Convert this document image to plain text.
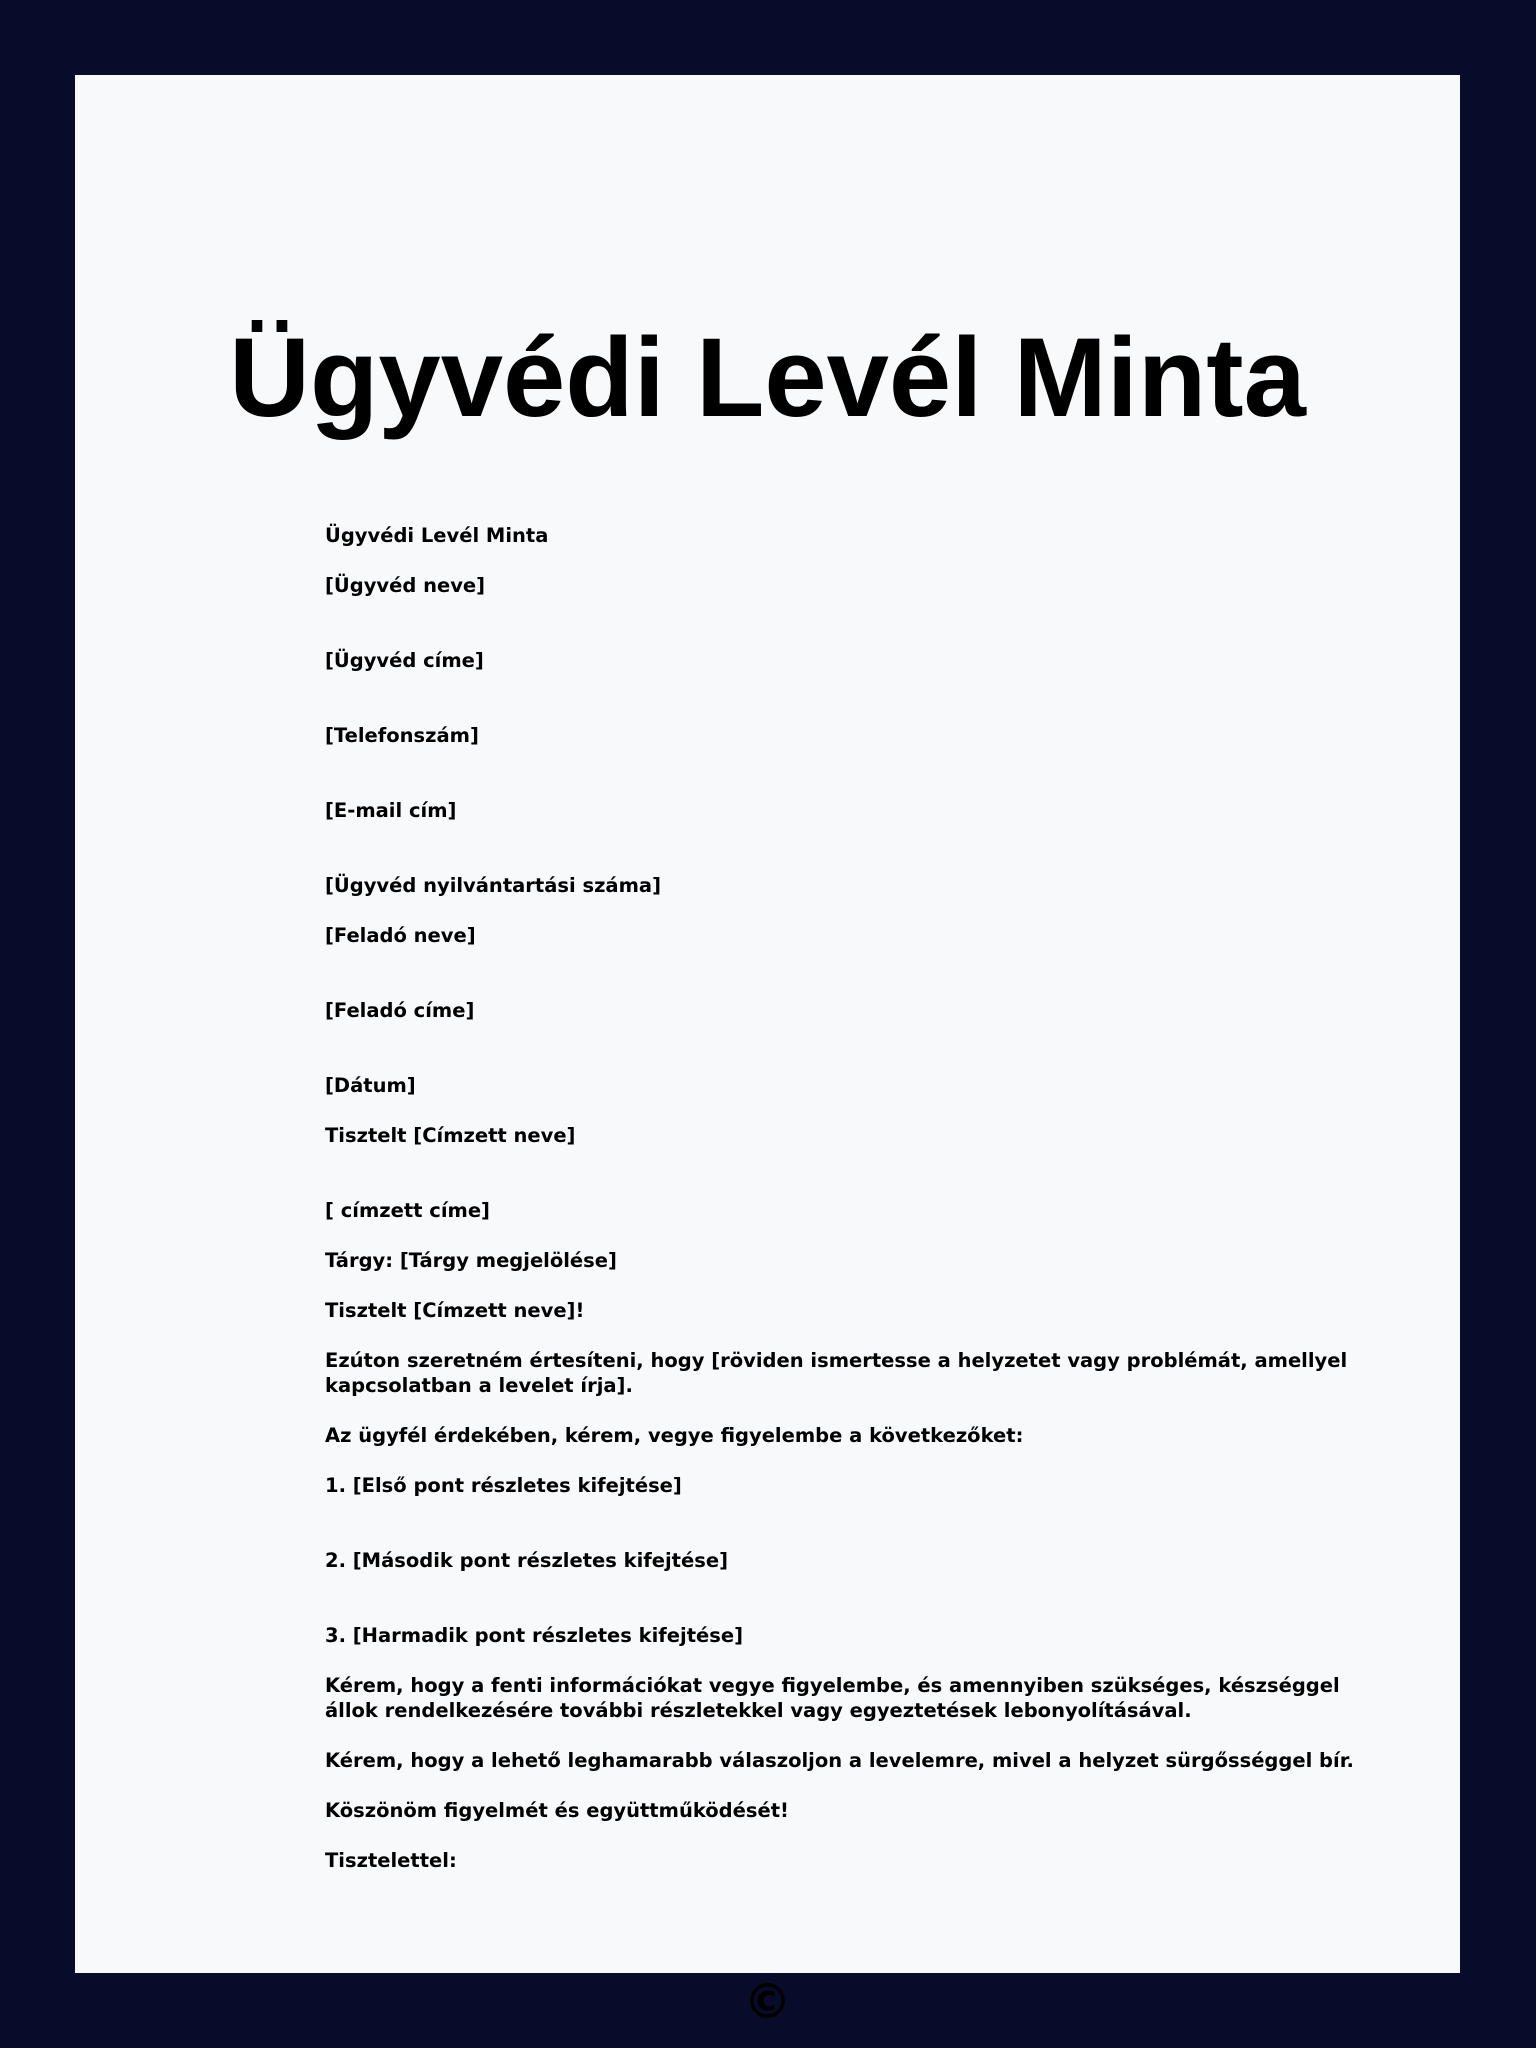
Ügyvédi Levél Minta

Ügyvédi Levél Minta

[Ügyvéd neve]

[Ügyvéd címe]

[Telefonszám]

[E-mail cím]

[Ügyvéd nyilvántartási száma]

[Feladó neve]

[Feladó címe]

[Dátum]

Tisztelt [Címzett neve]

[ címzett címe]

Tárgy: [Tárgy megjelölése]

Tisztelt [Címzett neve]!

Ezúton szeretném értesíteni, hogy [röviden ismertesse a helyzetet vagy problémát, amellyel kapcsolatban a levelet írja].

Az ügyfél érdekében, kérem, vegye figyelembe a következőket:

1. [Első pont részletes kifejtése]

2. [Második pont részletes kifejtése]

3. [Harmadik pont részletes kifejtése]

Kérem, hogy a fenti információkat vegye figyelembe, és amennyiben szükséges, készséggel állok rendelkezésére további részletekkel vagy egyeztetések lebonyolításával.

Kérem, hogy a lehető leghamarabb válaszoljon a levelemre, mivel a helyzet sürgősséggel bír.

Köszönöm figyelmét és együttműködését!

Tisztelettel:

©
